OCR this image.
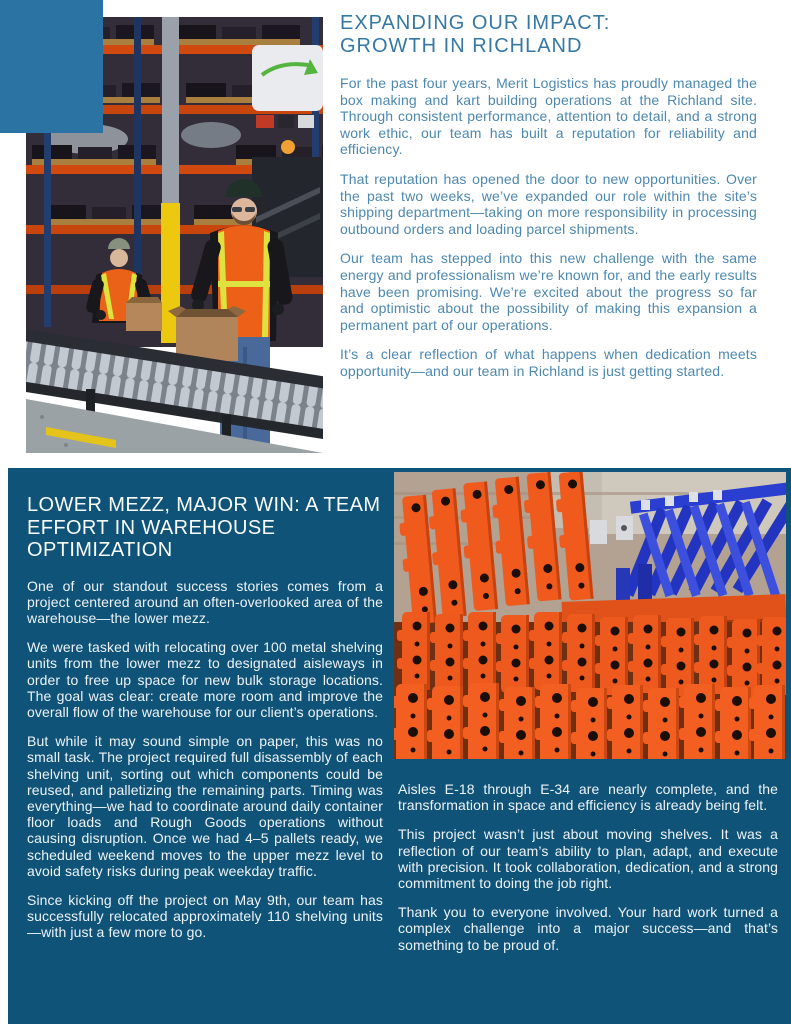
EXPANDING OUR IMPACT:
GROWTH IN RICHLAND

For the past four years, Merit Logistics has proudly managed the box making and kart building operations at the Richland site. Through consistent performance, attention to detail, and a strong work ethic, our team has built a reputation for reliability and efficiency.

That reputation has opened the door to new opportunities. Over the past two weeks, we’ve expanded our role within the site’s shipping department—taking on more responsibility in processing outbound orders and loading parcel shipments.

Our team has stepped into this new challenge with the same energy and professionalism we’re known for, and the early results have been promising. We’re excited about the progress so far and optimistic about the possibility of making this expansion a permanent part of our operations.

It’s a clear reflection of what happens when dedication meets opportunity—and our team in Richland is just getting started.

LOWER MEZZ, MAJOR WIN: A TEAM
EFFORT IN WAREHOUSE OPTIMIZATION

One of our standout success stories comes from a project centered around an often-overlooked area of the warehouse—the lower mezz.

We were tasked with relocating over 100 metal shelving units from the lower mezz to designated aisleways in order to free up space for new bulk storage locations. The goal was clear: create more room and improve the overall flow of the warehouse for our client’s operations.

But while it may sound simple on paper, this was no small task. The project required full disassembly of each shelving unit, sorting out which components could be reused, and palletizing the remaining parts. Timing was everything—we had to coordinate around daily container floor loads and Rough Goods operations without causing disruption. Once we had 4–5 pallets ready, we scheduled weekend moves to the upper mezz level to avoid safety risks during peak weekday traffic.

Since kicking off the project on May 9th, our team has successfully relocated approximately 110 shelving units—with just a few more to go.

Aisles E-18 through E-34 are nearly complete, and the transformation in space and efficiency is already being felt.

This project wasn’t just about moving shelves. It was a reflection of our team’s ability to plan, adapt, and execute with precision. It took collaboration, dedication, and a strong commitment to doing the job right.

Thank you to everyone involved. Your hard work turned a complex challenge into a major success—and that’s something to be proud of.
